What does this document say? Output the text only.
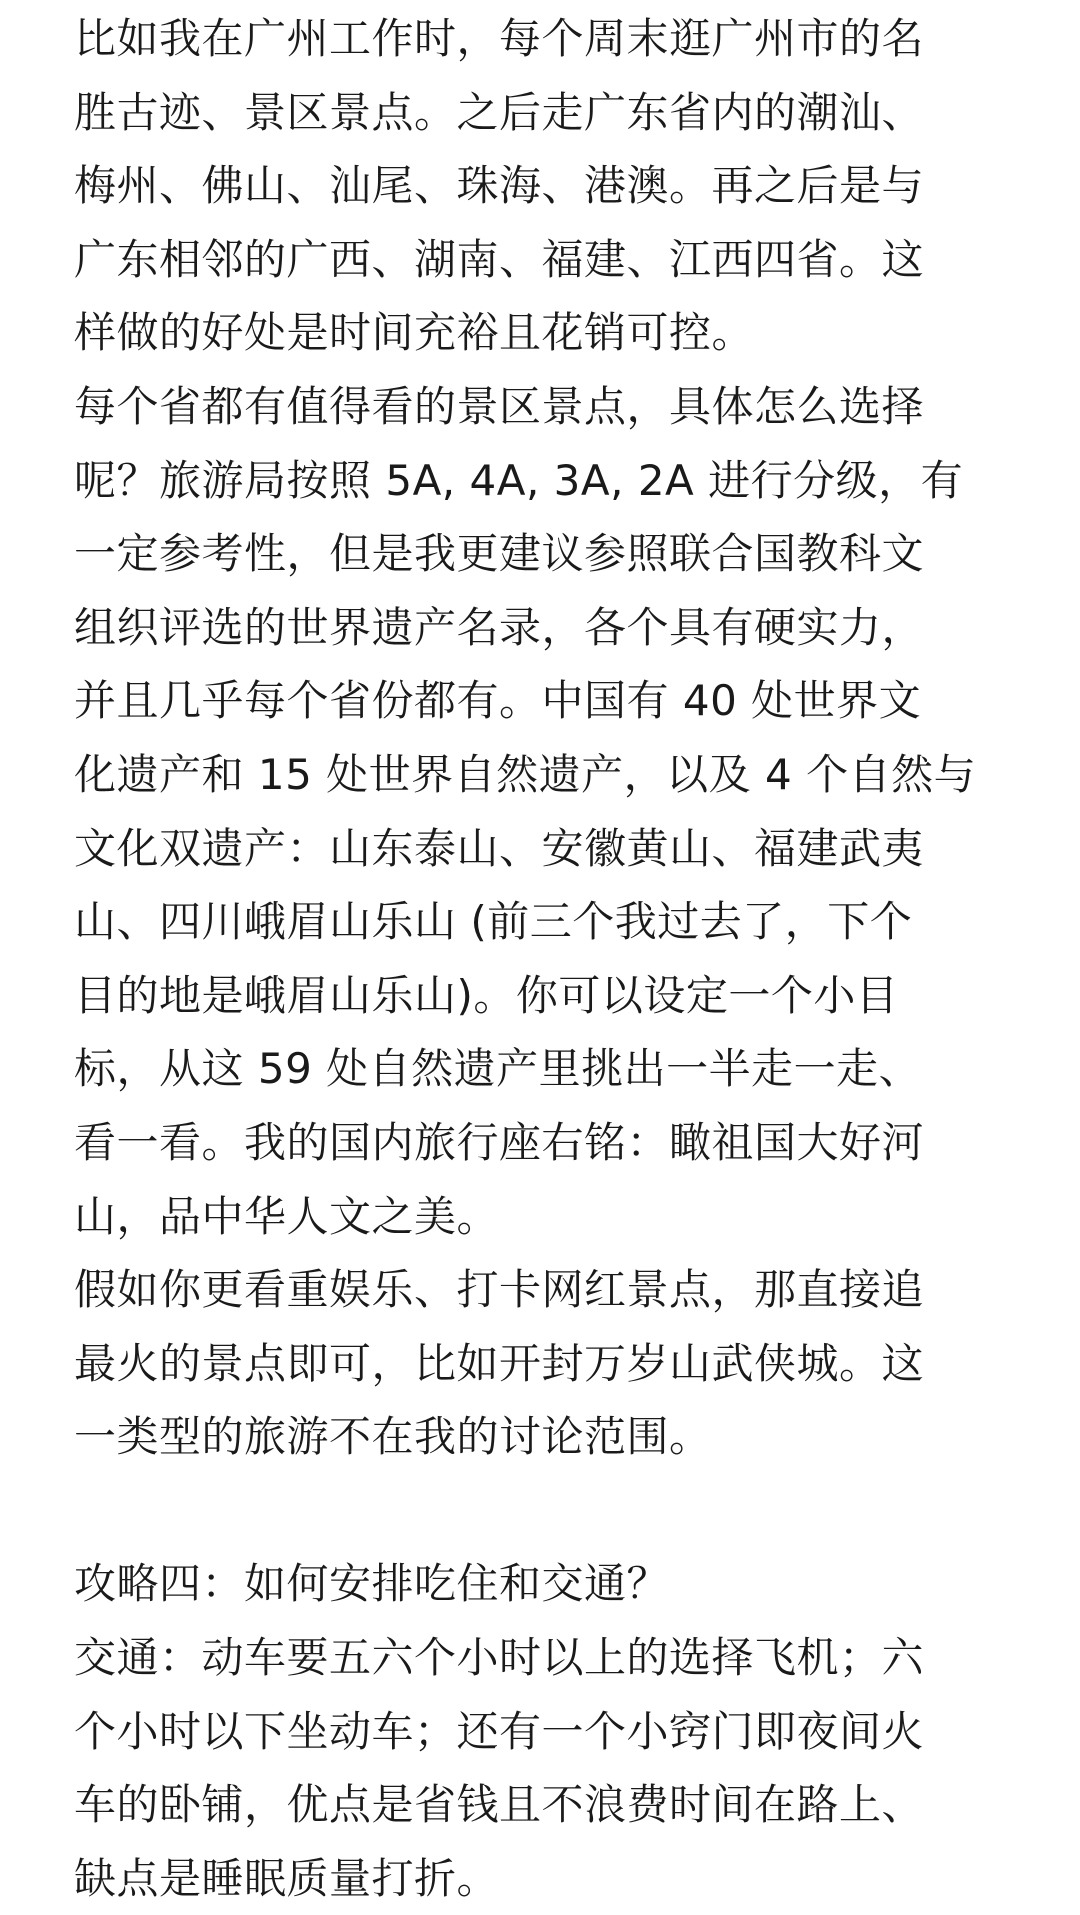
比如我在广州工作时，每个周末逛广州市的名
胜古迹、景区景点。之后走广东省内的潮汕、
梅州、佛山、汕尾、珠海、港澳。再之后是与
广东相邻的广西、湖南、福建、江西四省。这
样做的好处是时间充裕且花销可控。
每个省都有值得看的景区景点，具体怎么选择
呢？旅游局按照 5A, 4A, 3A, 2A 进行分级，有
一定参考性，但是我更建议参照联合国教科文
组织评选的世界遗产名录，各个具有硬实力，
并且几乎每个省份都有。中国有 40 处世界文
化遗产和 15 处世界自然遗产，以及 4 个自然与
文化双遗产：山东泰山、安徽黄山、福建武夷
山、四川峨眉山乐山 (前三个我过去了，下个
目的地是峨眉山乐山)。你可以设定一个小目
标，从这 59 处自然遗产里挑出一半走一走、
看一看。我的国内旅行座右铭：瞰祖国大好河
山，品中华人文之美。
假如你更看重娱乐、打卡网红景点，那直接追
最火的景点即可，比如开封万岁山武侠城。这
一类型的旅游不在我的讨论范围。
攻略四：如何安排吃住和交通？
交通：动车要五六个小时以上的选择飞机；六
个小时以下坐动车；还有一个小窍门即夜间火
车的卧铺，优点是省钱且不浪费时间在路上、
缺点是睡眠质量打折。
